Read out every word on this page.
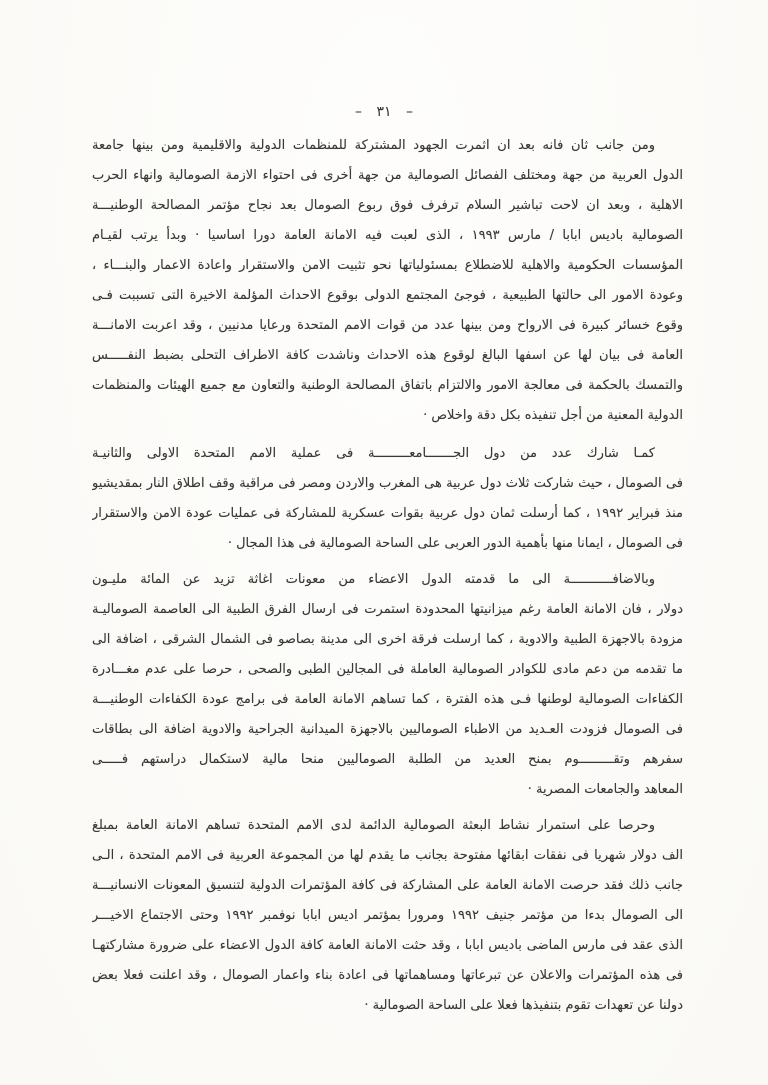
– ٣١ –
ومن جانب ثان فانه بعد ان اثمرت الجهود المشتركة للمنظمات الدولية والاقليمية ومن بينها جامعة
الدول العربية من جهة ومختلف الفصائل الصومالية من جهة أخرى فى احتواء الازمة الصومالية وانهاء الحرب
الاهلية ، وبعد ان لاحت تباشير السلام ترفرف فوق ربوع الصومال بعد نجاح مؤتمر المصالحة الوطنيـــة
الصومالية باديس ابابا / مارس ١٩٩٣ ، الذى لعبت فيه الامانة العامة دورا اساسيا · وبدأ يرتب لقيـام
المؤسسات الحكومية والاهلية للاضطلاع بمسئولياتها نحو تثبيت الامن والاستقرار واعادة الاعمار والبنـــاء ،
وعودة الامور الى حالتها الطبيعية ، فوجئ المجتمع الدولى بوقوع الاحداث المؤلمة الاخيرة التى تسببت فـى
وقوع خسائر كبيرة فى الارواح ومن بينها عدد من قوات الامم المتحدة ورعايا مدنيين ، وقد اعربت الامانـــة
العامة فى بيان لها عن اسفها البالغ لوقوع هذه الاحداث وناشدت كافة الاطراف التحلى بضبط النفـــــس
والتمسك بالحكمة فى معالجة الامور والالتزام باتفاق المصالحة الوطنية والتعاون مع جميع الهيئات والمنظمات
الدولية المعنية من أجل تنفيذه بكل دقة واخلاص ·
كمـا شارك عدد من دول الجـــــــامعـــــــــة فى عملية الامم المتحدة الاولى والثانيـة
فى الصومال ، حيث شاركت ثلاث دول عربية هى المغرب والاردن ومصر فى مراقبة وقف اطلاق النار بمقديشيو
منذ فبراير ١٩٩٢ ، كما أرسلت ثمان دول عربية بقوات عسكرية للمشاركة فى عمليات عودة الامن والاستقرار
فى الصومال ، ايمانا منها بأهمية الدور العربى على الساحة الصومالية فى هذا المجال ·
وبالاضافـــــــــــة الى ما قدمته الدول الاعضاء من معونات اغاثة تزيد عن المائة مليـون
دولار ، فان الامانة العامة رغم ميزانيتها المحدودة استمرت فى ارسال الفرق الطبية الى العاصمة الصوماليـة
مزودة بالاجهزة الطبية والادوية ، كما ارسلت فرقة اخرى الى مدينة بصاصو فى الشمال الشرقى ، اضافة الى
ما تقدمه من دعم مادى للكوادر الصومالية العاملة فى المجالين الطبى والصحى ، حرصا على عدم مغـــادرة
الكفاءات الصومالية لوطنها فـى هذه الفترة ، كما تساهم الامانة العامة فى برامج عودة الكفاءات الوطنيـــة
فى الصومال فزودت العـديد من الاطباء الصوماليين بالاجهزة الميدانية الجراحية والادوية اضافة الى بطاقات
سفرهم وتقـــــــــوم بمنح العديد من الطلبة الصوماليين منحا مالية لاستكمال دراستهم فـــــى
المعاهد والجامعات المصرية ·
وحرصا على استمرار نشاط البعثة الصومالية الدائمة لدى الامم المتحدة تساهم الامانة العامة بمبلغ
الف دولار شهريا فى نفقات ابقائها مفتوحة بجانب ما يقدم لها من المجموعة العربية فى الامم المتحدة ، الـى
جانب ذلك فقد حرصت الامانة العامة على المشاركة فى كافة المؤتمرات الدولية لتنسيق المعونات الانسانيـــة
الى الصومال بدءا من مؤتمر جنيف ١٩٩٢ ومرورا بمؤتمر اديس ابابا نوفمبر ١٩٩٢ وحتى الاجتماع الاخيـــر
الذى عقد فى مارس الماضى باديس ابابا ، وقد حثت الامانة العامة كافة الدول الاعضاء على ضرورة مشاركتهـا
فى هذه المؤتمرات والاعلان عن تبرعاتها ومساهماتها فى اعادة بناء واعمار الصومال ، وقد اعلنت فعلا بعض
دولنا عن تعهدات تقوم بتنفيذها فعلا على الساحة الصومالية ·
